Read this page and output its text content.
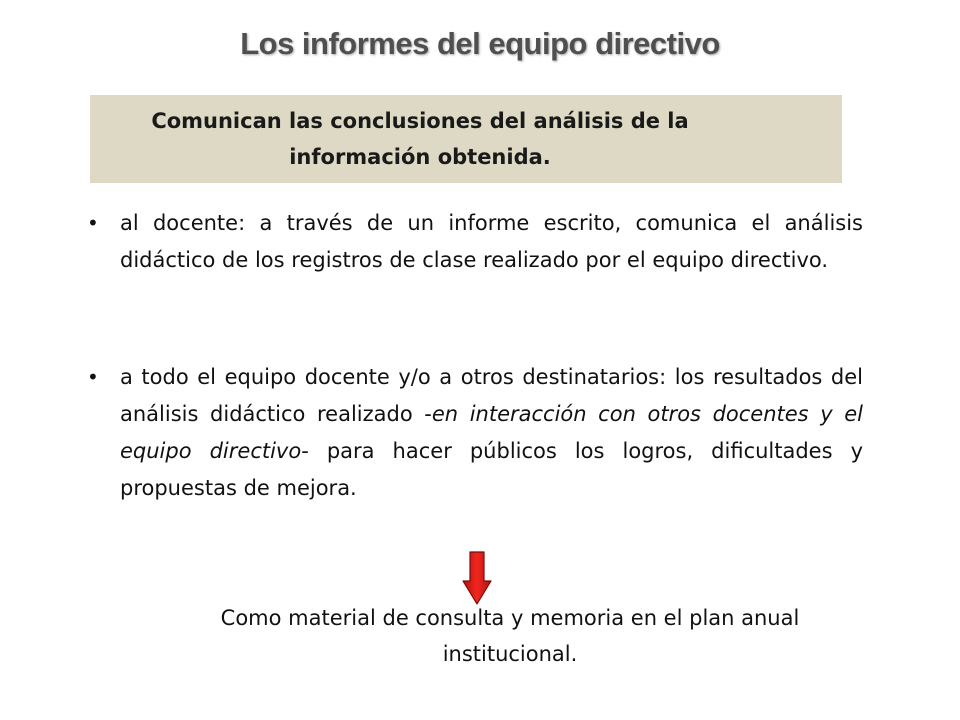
Los informes del equipo directivo

Comunican las conclusiones del análisis de la
información obtenida.

• al docente: a través de un informe escrito, comunica el análisis didáctico de los registros de clase realizado por el equipo directivo.
• a todo el equipo docente y/o a otros destinatarios: los resultados del análisis didáctico realizado -en interacción con otros docentes y el equipo directivo- para hacer públicos los logros, dificultades y propuestas de mejora.

Como material de consulta y memoria en el plan anual
institucional.
